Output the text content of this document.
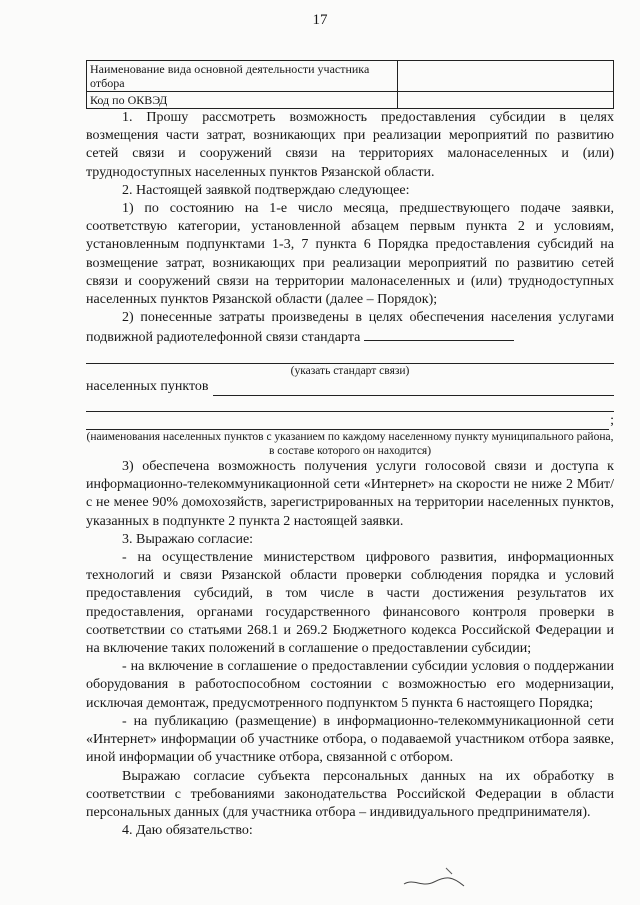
17
Наименование вида основной деятельности участника отбора	
Код по ОКВЭД	

1. Прошу рассмотреть возможность предоставления субсидии в целях возмещения части затрат, возникающих при реализации мероприятий по развитию сетей связи и сооружений связи на территориях малонаселенных и (или) труднодоступных населенных пунктов Рязанской области.

2. Настоящей заявкой подтверждаю следующее:

1) по состоянию на 1-е число месяца, предшествующего подаче заявки, соответствую категории, установленной абзацем первым пункта 2 и условиям, установленным подпунктами 1-3, 7 пункта 6 Порядка предоставления субсидий на возмещение затрат, возникающих при реализации мероприятий по развитию сетей связи и сооружений связи на территории малонаселенных и (или) труднодоступных населенных пунктов Рязанской области (далее – Порядок);

2) понесенные затраты произведены в целях обеспечения населения услугами подвижной радиотелефонной связи стандарта

(указать стандарт связи)
населенных пунктов
;
(наименования населенных пунктов с указанием по каждому населенному пункту муниципального района, в составе которого он находится)

3) обеспечена возможность получения услуги голосовой связи и доступа к информационно-телекоммуникационной сети «Интернет» на скорости не ниже 2 Мбит/с не менее 90% домохозяйств, зарегистрированных на территории населенных пунктов, указанных в подпункте 2 пункта 2 настоящей заявки.

3. Выражаю согласие:

- на осуществление министерством цифрового развития, информационных технологий и связи Рязанской области проверки соблюдения порядка и условий предоставления субсидий, в том числе в части достижения результатов их предоставления, органами государственного финансового контроля проверки в соответствии со статьями 268.1 и 269.2 Бюджетного кодекса Российской Федерации и на включение таких положений в соглашение о предоставлении субсидии;

- на включение в соглашение о предоставлении субсидии условия о поддержании оборудования в работоспособном состоянии с возможностью его модернизации, исключая демонтаж, предусмотренного подпунктом 5 пункта 6 настоящего Порядка;

- на публикацию (размещение) в информационно-телекоммуникационной сети «Интернет» информации об участнике отбора, о подаваемой участником отбора заявке, иной информации об участнике отбора, связанной с отбором.

Выражаю согласие субъекта персональных данных на их обработку в соответствии с требованиями законодательства Российской Федерации в области персональных данных (для участника отбора – индивидуального предпринимателя).

4. Даю обязательство:
